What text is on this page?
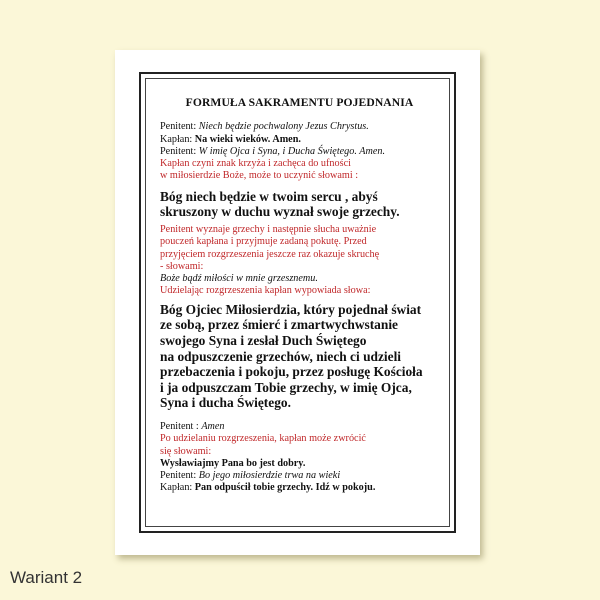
FORMUŁA SAKRAMENTU POJEDNANIA
Penitent: Niech będzie pochwalony Jezus Chrystus.
Kapłan: Na wieki wieków. Amen.
Penitent: W imię Ojca i Syna, i Ducha Świętego. Amen.
Kapłan czyni znak krzyża i zachęca do ufności
w miłosierdzie Boże, może to uczynić słowami :
Bóg niech będzie w twoim sercu , abyś
skruszony w duchu wyznał swoje grzechy.
Penitent wyznaje grzechy i następnie słucha uważnie
pouczeń kapłana i przyjmuje zadaną pokutę. Przed
przyjęciem rozgrzeszenia jeszcze raz okazuje skruchę
- słowami:
Boże bądź miłości w mnie grzesznemu.
Udzielając rozgrzeszenia kapłan wypowiada słowa:
Bóg Ojciec Miłosierdzia, który pojednał świat
ze sobą, przez śmierć i zmartwychwstanie
swojego Syna i zesłał Duch Świętego
na odpuszczenie grzechów, niech ci udzieli
przebaczenia i pokoju, przez posługę Kościoła
i ja odpuszczam Tobie grzechy, w imię Ojca,
Syna i ducha Świętego.
Penitent : Amen
Po udzielaniu rozgrzeszenia, kapłan może zwrócić
się słowami:
Wysławiajmy Pana bo jest dobry.
Penitent: Bo jego miłosierdzie trwa na wieki
Kapłan: Pan odpuścił tobie grzechy. Idź w pokoju.
Wariant 2
